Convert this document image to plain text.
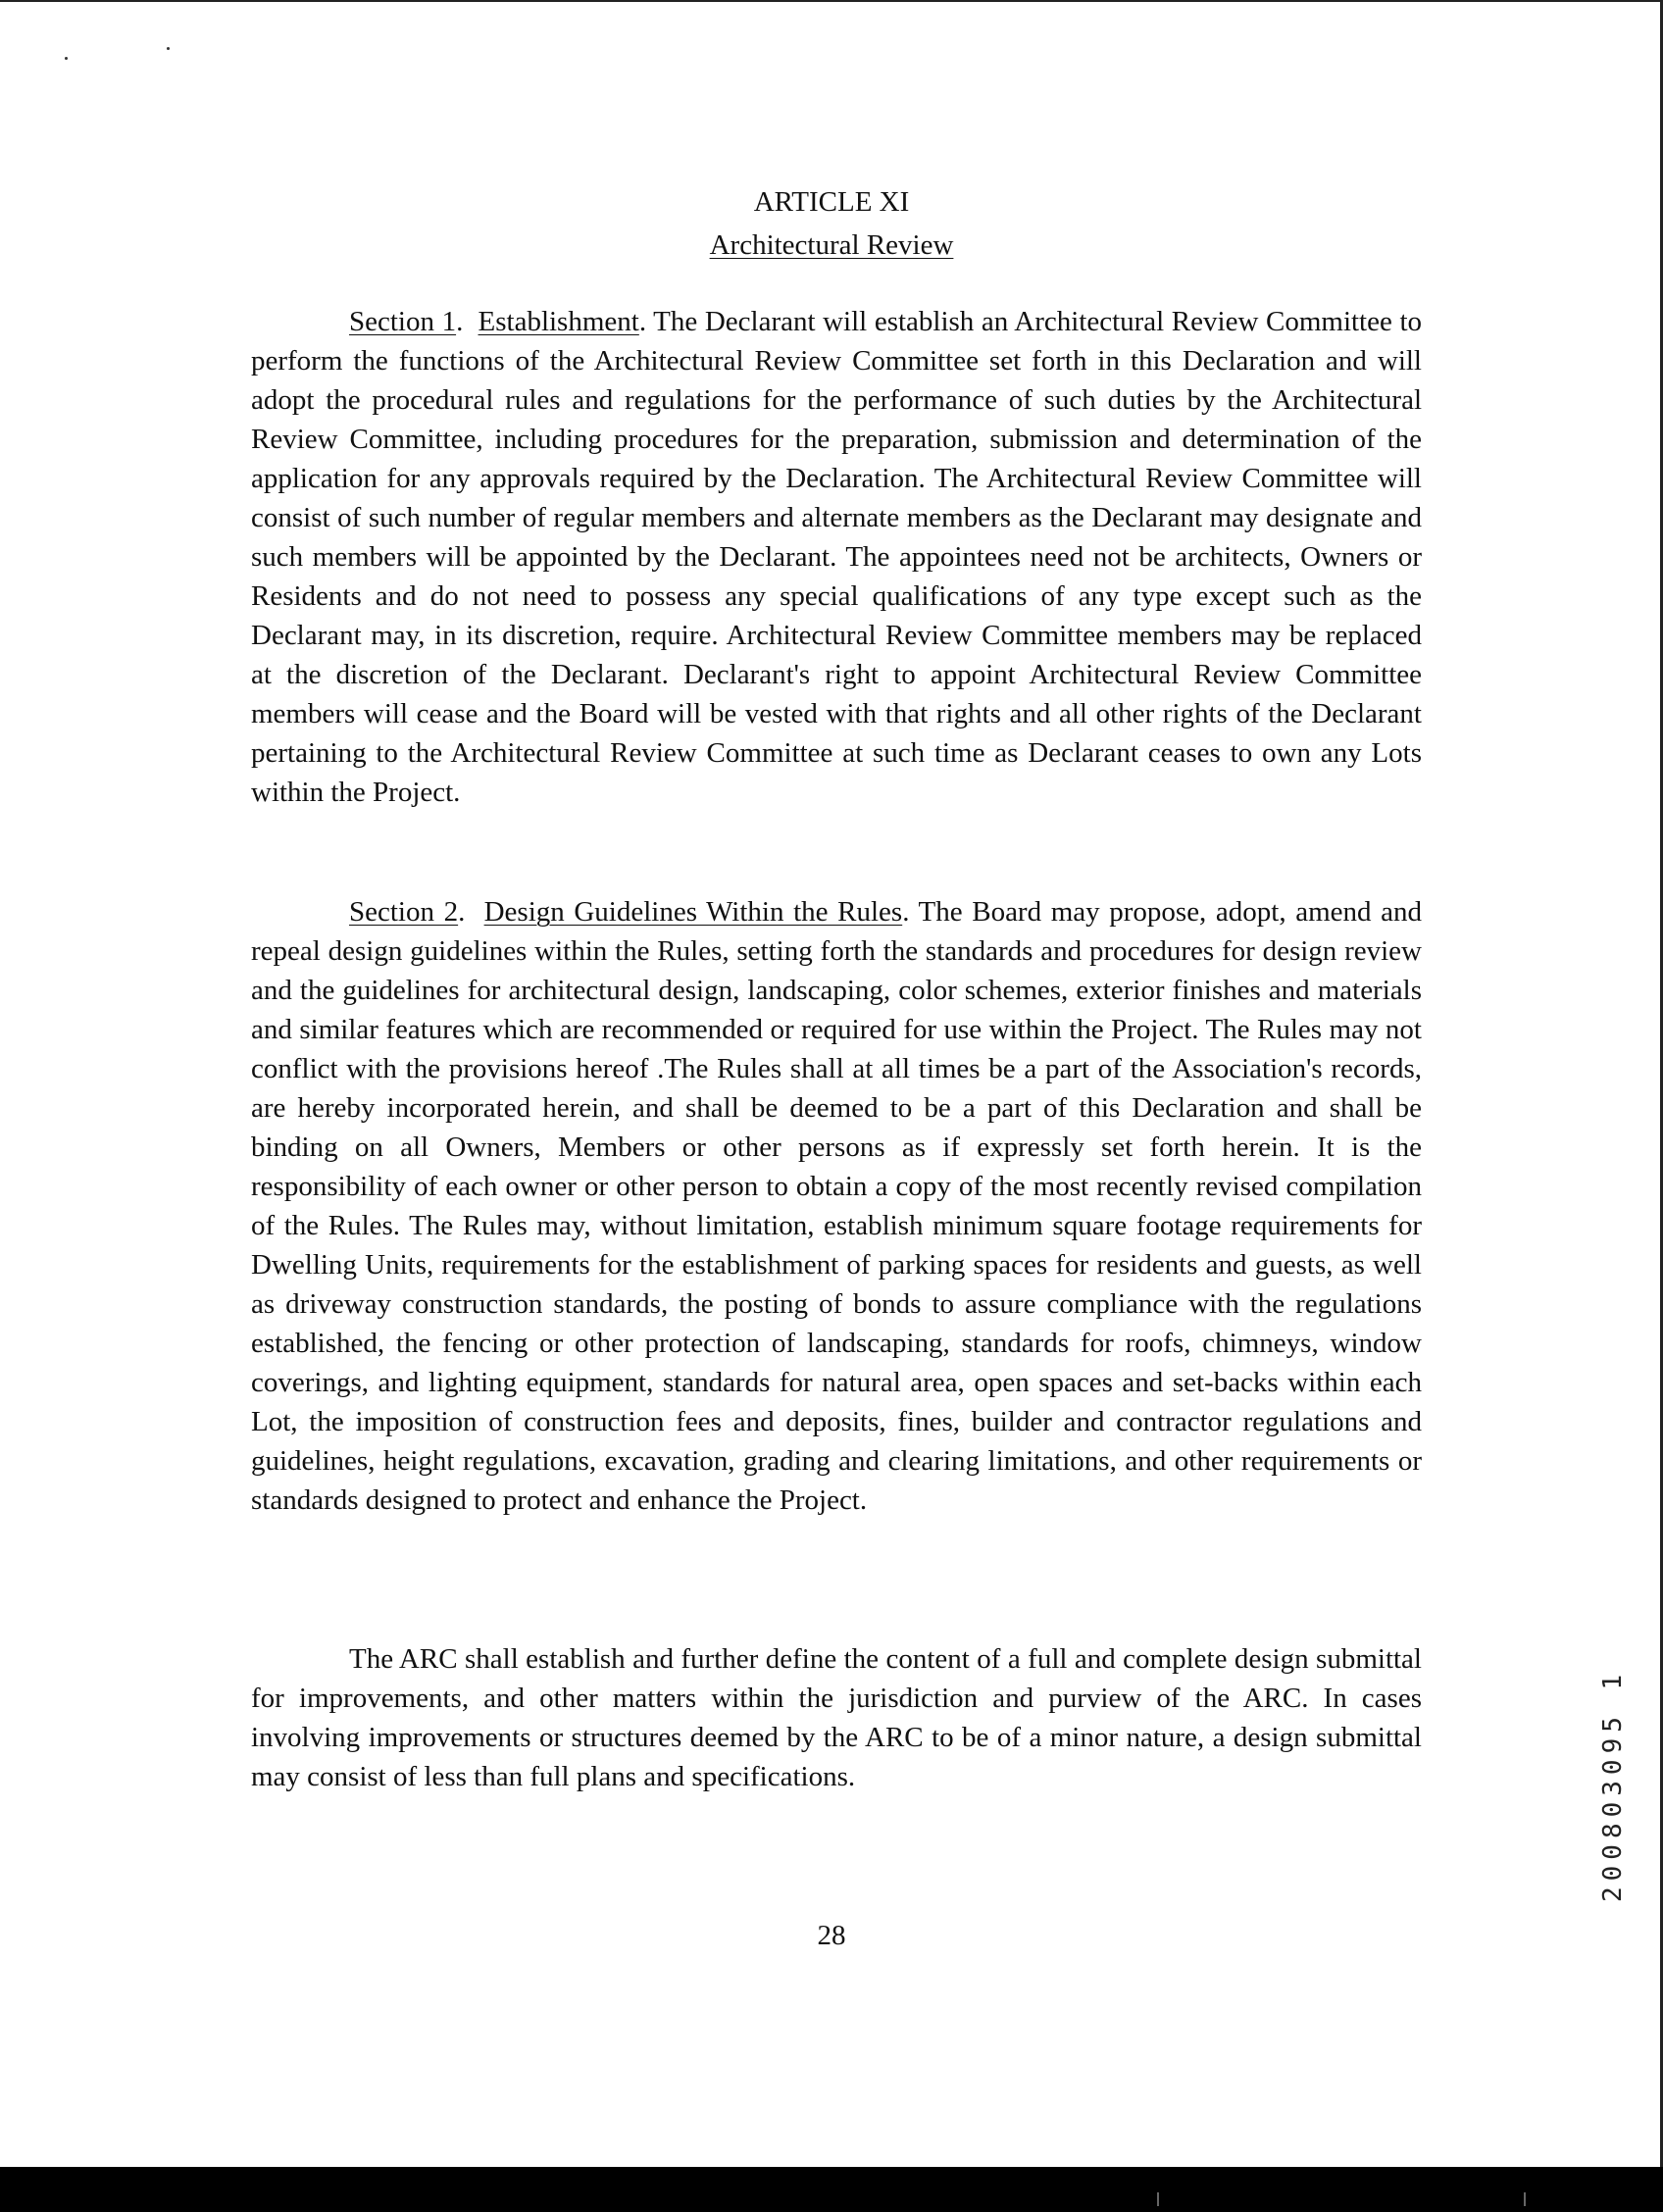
ARTICLE XI
Architectural Review

Section 1.  Establishment. The Declarant will establish an Architectural Review Committee to perform the functions of the Architectural Review Committee set forth in this Declaration and will adopt the procedural rules and regulations for the performance of such duties by the Architectural Review Committee, including procedures for the preparation, submission and determination of the application for any approvals required by the Declaration. The Architectural Review Committee will consist of such number of regular members and alternate members as the Declarant may designate and such members will be appointed by the Declarant. The appointees need not be architects, Owners or Residents and do not need to possess any special qualifications of any type except such as the Declarant may, in its discretion, require. Architectural Review Committee members may be replaced at the discretion of the Declarant. Declarant's right to appoint Architectural Review Committee members will cease and the Board will be vested with that rights and all other rights of the Declarant pertaining to the Architectural Review Committee at such time as Declarant ceases to own any Lots within the Project.

Section 2.  Design Guidelines Within the Rules. The Board may propose, adopt, amend and repeal design guidelines within the Rules, setting forth the standards and procedures for design review and the guidelines for architectural design, landscaping, color schemes, exterior finishes and materials and similar features which are recommended or required for use within the Project. The Rules may not conflict with the provisions hereof .The Rules shall at all times be a part of the Association's records, are hereby incorporated herein, and shall be deemed to be a part of this Declaration and shall be binding on all Owners, Members or other persons as if expressly set forth herein. It is the responsibility of each owner or other person to obtain a copy of the most recently revised compilation of the Rules. The Rules may, without limitation, establish minimum square footage requirements for Dwelling Units, requirements for the establishment of parking spaces for residents and guests, as well as driveway construction standards, the posting of bonds to assure compliance with the regulations established, the fencing or other protection of landscaping, standards for roofs, chimneys, window coverings, and lighting equipment, standards for natural area, open spaces and set-backs within each Lot, the imposition of construction fees and deposits, fines, builder and contractor regulations and guidelines, height regulations, excavation, grading and clearing limitations, and other requirements or standards designed to protect and enhance the Project.

The ARC shall establish and further define the content of a full and complete design submittal for improvements, and other matters within the jurisdiction and purview of the ARC. In cases involving improvements or structures deemed by the ARC to be of a minor nature, a design submittal may consist of less than full plans and specifications.

28
200803095 1
